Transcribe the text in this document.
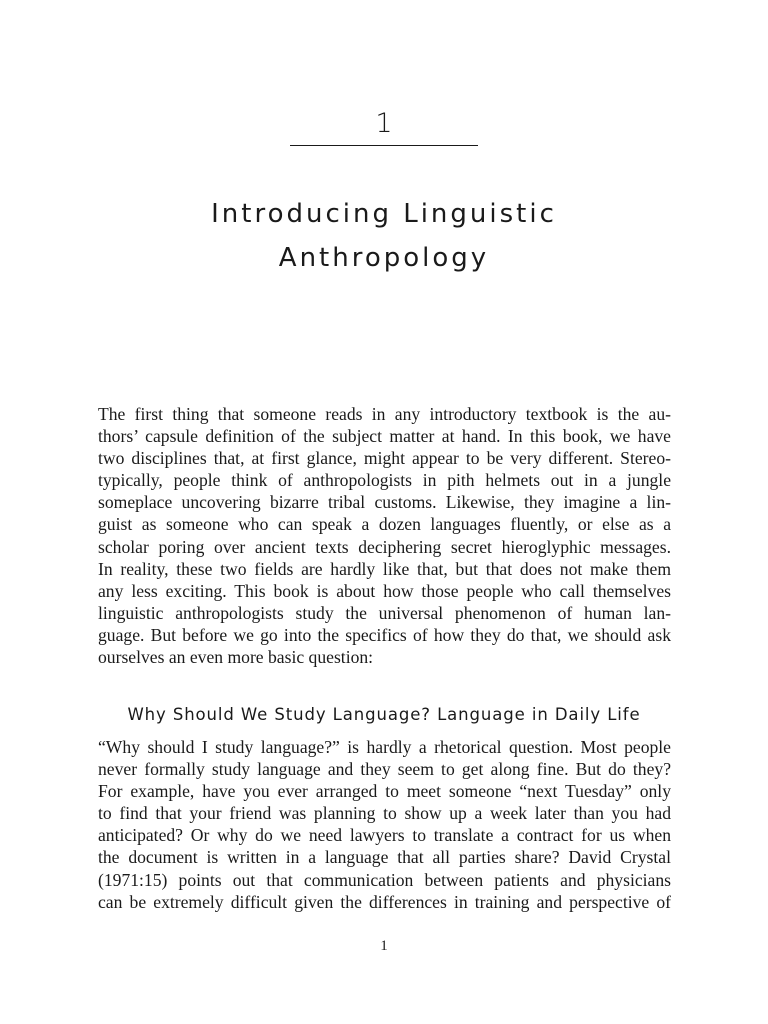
1
Introducing Linguistic
Anthropology
The first thing that someone reads in any introductory textbook is the au-
thors’ capsule definition of the subject matter at hand. In this book, we have
two disciplines that, at first glance, might appear to be very different. Stereo-
typically, people think of anthropologists in pith helmets out in a jungle
someplace uncovering bizarre tribal customs. Likewise, they imagine a lin-
guist as someone who can speak a dozen languages fluently, or else as a
scholar poring over ancient texts deciphering secret hieroglyphic messages.
In reality, these two fields are hardly like that, but that does not make them
any less exciting. This book is about how those people who call themselves
linguistic anthropologists study the universal phenomenon of human lan-
guage. But before we go into the specifics of how they do that, we should ask
ourselves an even more basic question:
Why Should We Study Language? Language in Daily Life
“Why should I study language?” is hardly a rhetorical question. Most people
never formally study language and they seem to get along fine. But do they?
For example, have you ever arranged to meet someone “next Tuesday” only
to find that your friend was planning to show up a week later than you had
anticipated? Or why do we need lawyers to translate a contract for us when
the document is written in a language that all parties share? David Crystal
(1971:15) points out that communication between patients and physicians
can be extremely difficult given the differences in training and perspective of
1
